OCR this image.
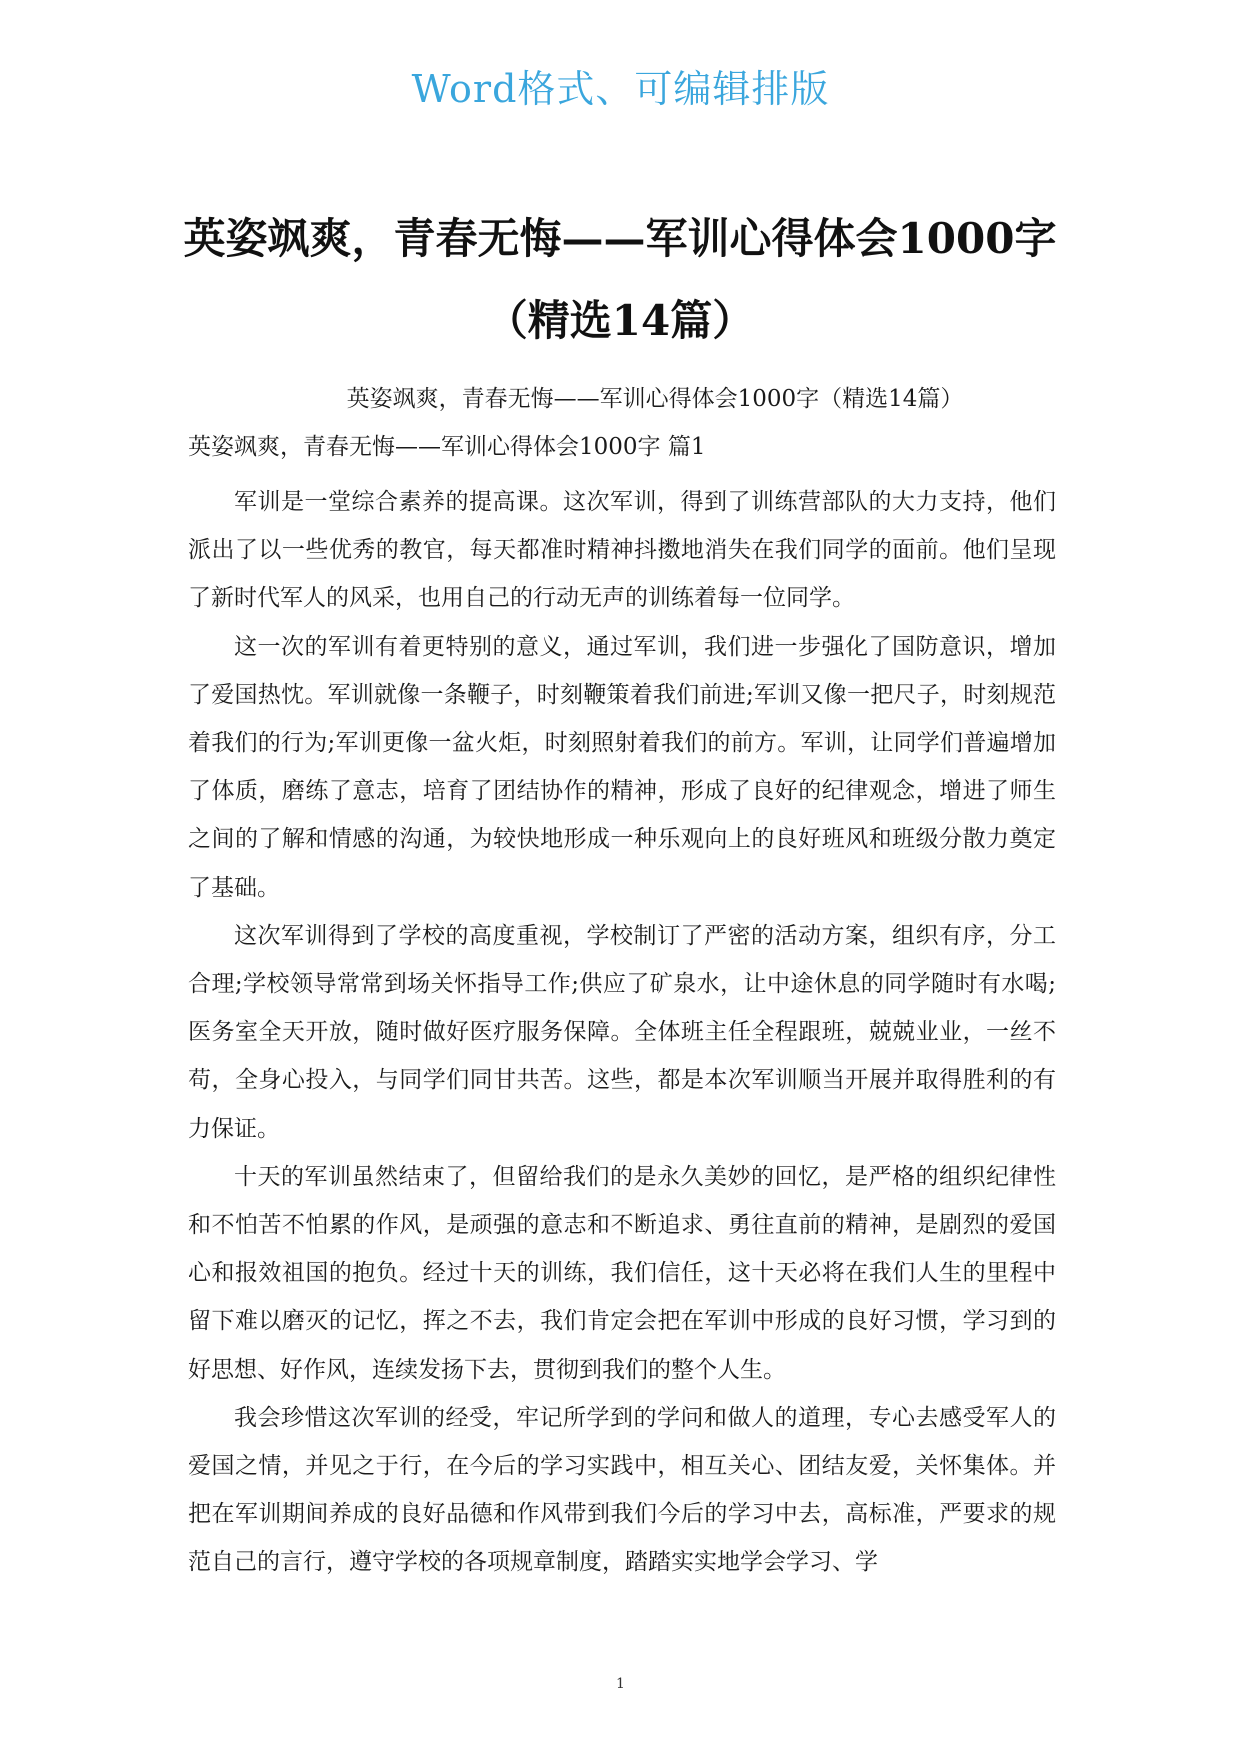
Word格式、可编辑排版
英姿飒爽，青春无悔——军训心得体会1000字
（精选14篇）
英姿飒爽，青春无悔——军训心得体会1000字（精选14篇）
英姿飒爽，青春无悔——军训心得体会1000字 篇1

军训是一堂综合素养的提高课。这次军训，得到了训练营部队的大力支持，他们派出了以一些优秀的教官，每天都准时精神抖擞地消失在我们同学的面前。他们呈现了新时代军人的风采，也用自己的行动无声的训练着每一位同学。

这一次的军训有着更特别的意义，通过军训，我们进一步强化了国防意识，增加了爱国热忱。军训就像一条鞭子，时刻鞭策着我们前进;军训又像一把尺子，时刻规范着我们的行为;军训更像一盆火炬，时刻照射着我们的前方。军训，让同学们普遍增加了体质，磨练了意志，培育了团结协作的精神，形成了良好的纪律观念，增进了师生之间的了解和情感的沟通，为较快地形成一种乐观向上的良好班风和班级分散力奠定了基础。

这次军训得到了学校的高度重视，学校制订了严密的活动方案，组织有序，分工合理;学校领导常常到场关怀指导工作;供应了矿泉水，让中途休息的同学随时有水喝;医务室全天开放，随时做好医疗服务保障。全体班主任全程跟班，兢兢业业，一丝不苟，全身心投入，与同学们同甘共苦。这些，都是本次军训顺当开展并取得胜利的有力保证。

十天的军训虽然结束了，但留给我们的是永久美妙的回忆，是严格的组织纪律性和不怕苦不怕累的作风，是顽强的意志和不断追求、勇往直前的精神，是剧烈的爱国心和报效祖国的抱负。经过十天的训练，我们信任，这十天必将在我们人生的里程中留下难以磨灭的记忆，挥之不去，我们肯定会把在军训中形成的良好习惯，学习到的好思想、好作风，连续发扬下去，贯彻到我们的整个人生。

我会珍惜这次军训的经受，牢记所学到的学问和做人的道理，专心去感受军人的爱国之情，并见之于行，在今后的学习实践中，相互关心、团结友爱，关怀集体。并把在军训期间养成的良好品德和作风带到我们今后的学习中去，高标准，严要求的规范自己的言行，遵守学校的各项规章制度，踏踏实实地学会学习、学

1
